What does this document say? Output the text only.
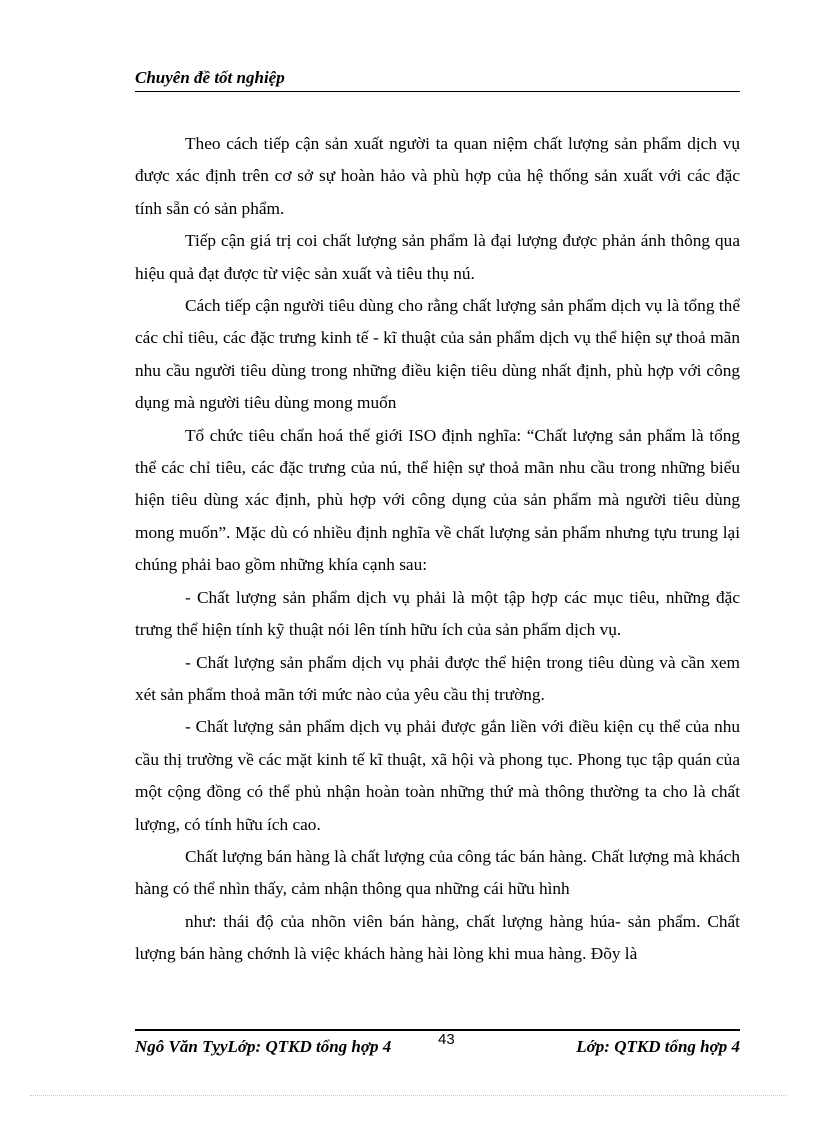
Chuyên đề tốt nghiệp

Theo cách tiếp cận sản xuất người ta quan niệm chất lượng sản phẩm dịch vụ được xác định trên cơ sở sự hoàn hảo và phù hợp của hệ thống sản xuất với các đặc tính sẵn có sản phẩm.

Tiếp cận giá trị coi chất lượng sản phẩm là đại lượng được phản ánh thông qua hiệu quả đạt được từ việc sản xuất và tiêu thụ nú.

Cách tiếp cận người tiêu dùng cho rằng chất lượng sản phẩm dịch vụ là tổng thể các chỉ tiêu, các đặc trưng kinh tế - kĩ thuật của sản phẩm dịch vụ thể hiện sự thoả mãn nhu cầu người tiêu dùng trong những điều kiện tiêu dùng nhất định, phù hợp với công dụng mà người tiêu dùng mong muốn

Tổ chức tiêu chẩn hoá thế giới ISO định nghĩa: “Chất lượng sản phẩm là tổng thể các chỉ tiêu, các đặc trưng của nú, thể hiện sự thoả mãn nhu cầu trong những biểu hiện tiêu dùng xác định, phù hợp với công dụng của sản phẩm mà người tiêu dùng mong muốn”. Mặc dù có nhiều định nghĩa về chất lượng sản phẩm nhưng tựu trung lại chúng phải bao gồm những khía cạnh sau:

- Chất lượng sản phẩm dịch vụ phải là một tập hợp các mục tiêu, những đặc trưng thể hiện tính kỹ thuật nói lên tính hữu ích của sản phẩm dịch vụ.

- Chất lượng sản phẩm dịch vụ phải được thể hiện trong tiêu dùng và cần xem xét sản phẩm thoả mãn tới mức nào của yêu cầu thị trường.

- Chất lượng sản phẩm dịch vụ phải được gắn liền với điều kiện cụ thể của nhu cầu thị trường về các mặt kinh tế kĩ thuật, xã hội và phong tục. Phong tục tập quán của một cộng đồng có thể phủ nhận hoàn toàn những thứ mà thông thường ta cho là chất lượng, có tính hữu ích cao.

Chất lượng bán hàng là chất lượng của công tác bán hàng. Chất lượng mà khách hàng có thể nhìn thấy, cảm nhận thông qua những cái hữu hình

như: thái độ của nhõn viên bán hàng, chất lượng hàng húa- sản phẩm. Chất lượng bán hàng chớnh là việc khách hàng hài lòng khi mua hàng. Đõy là

Ngô Văn TỵyLớp: QTKD tổng hợp 4	43	Lớp: QTKD tổng hợp 4
